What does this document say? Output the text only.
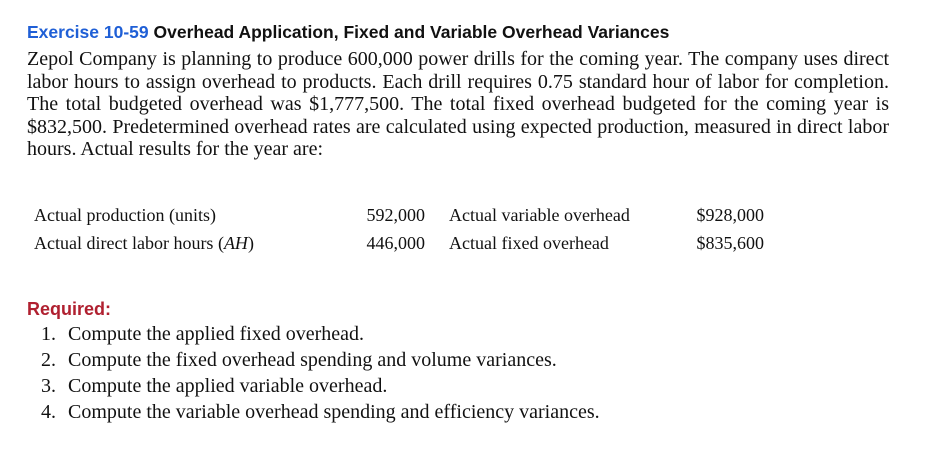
Exercise 10-59 Overhead Application, Fixed and Variable Overhead Variances
Zepol Company is planning to produce 600,000 power drills for the coming year. The company uses direct labor hours to assign overhead to products. Each drill requires 0.75 standard hour of labor for completion. The total budgeted overhead was $1,777,500. The total fixed overhead budgeted for the coming year is $832,500. Predetermined overhead rates are calculated using expected production, measured in direct labor hours. Actual results for the year are:
Actual production (units)	592,000		Actual variable overhead	$928,000
Actual direct labor hours (AH)	446,000		Actual fixed overhead	$835,600
Required:
1. Compute the applied fixed overhead.
2. Compute the fixed overhead spending and volume variances.
3. Compute the applied variable overhead.
4. Compute the variable overhead spending and efficiency variances.
